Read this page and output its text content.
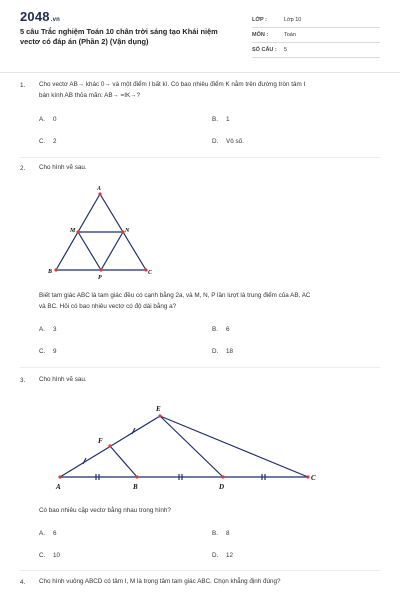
2048.vn
5 câu Trắc nghiệm Toán 10 chân trời sáng tạo Khái niệm
vectơ có đáp án (Phần 2) (Vận dụng)
LỚP :	Lớp 10
MÔN :	Toán
SỐ CÂU : 5
1. Cho vectơ AB→ khác 0→ và một điểm I bất kì. Có bao nhiêu điểm K nằm trên đường tròn tâm I
bán kính AB thỏa mãn: AB→ =IK→?
A. 0	B. 1
C. 2	D. Vô số.
2. Cho hình vẽ sau.
A
M	N
B
P
C
Biết tam giác ABC là tam giác đều có cạnh bằng 2a, và M, N, P lần lượt là trung điểm của AB, AC
và BC. Hỏi có bao nhiêu vectơ có độ dài bằng a?
A. 3	B. 6
C. 9	D. 18
3. Cho hình vẽ sau.
E
F
A	B	D
C
Có bao nhiêu cặp vectơ bằng nhau trong hình?
A. 6	B. 8
C. 10	D. 12
4. Cho hình vuông ABCD có tâm I, M là trọng tâm tam giác ABC. Chọn khẳng định đúng?
